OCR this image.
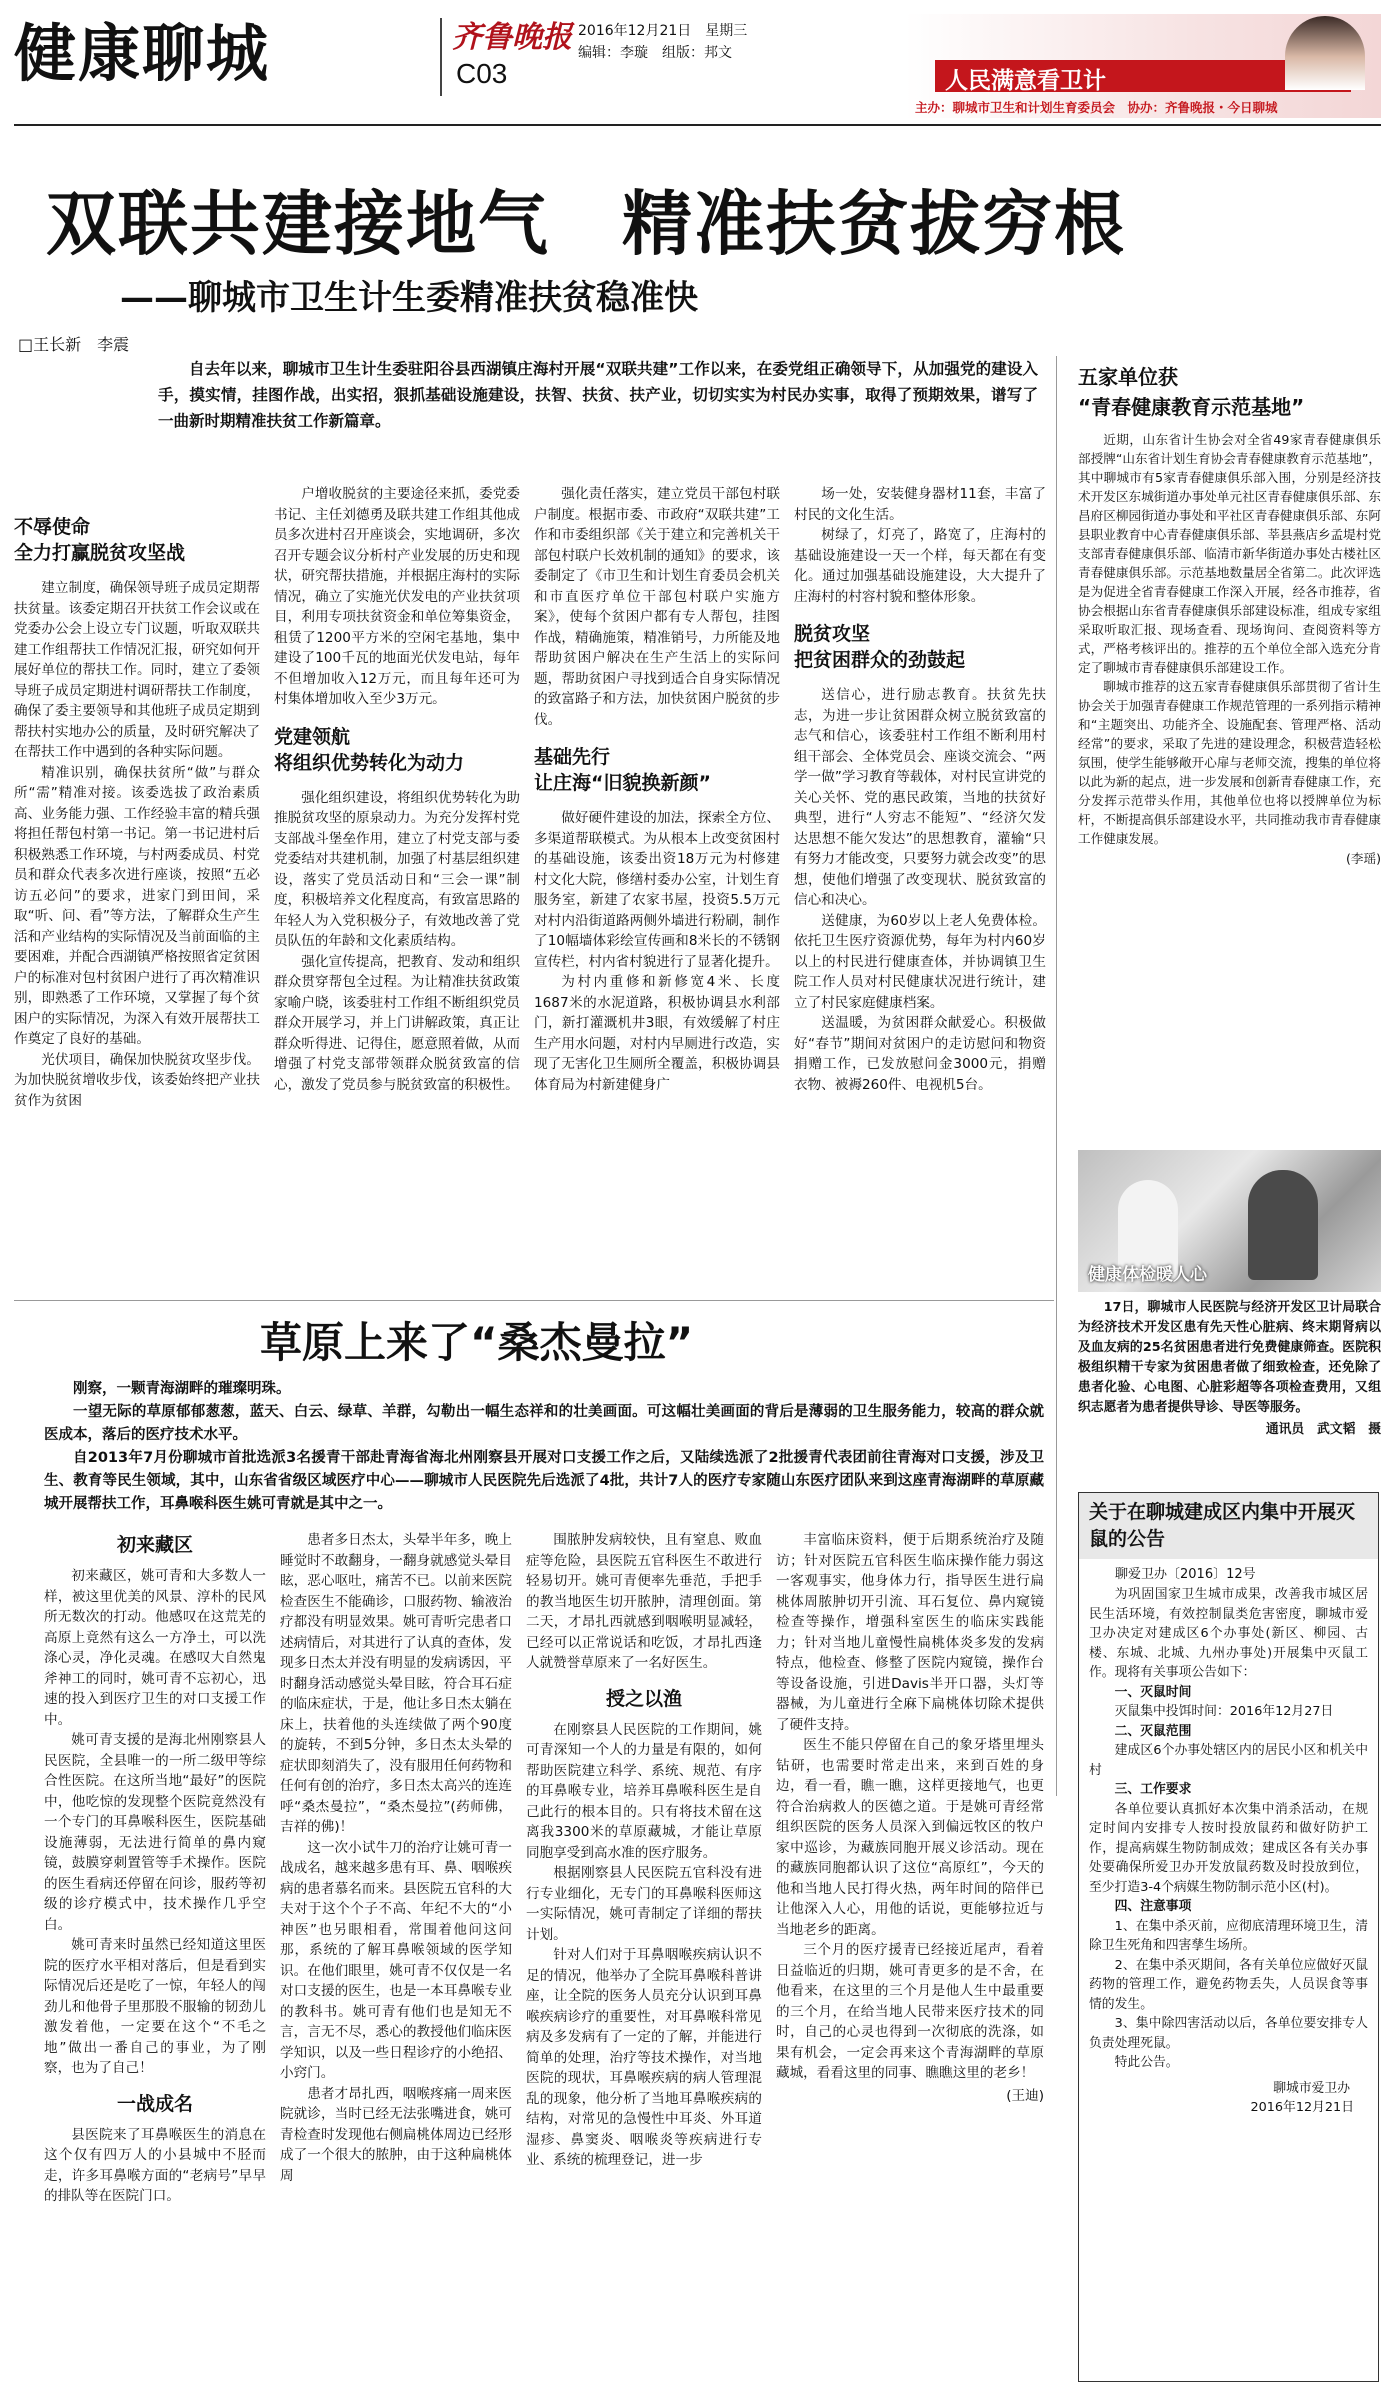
健康聊城	齐鲁晚报
C03
2016年12月21日　星期三
编辑：李璇　组版：邦文
人民满意看卫计
主办：聊城市卫生和计划生育委员会　协办：齐鲁晚报・今日聊城
双联共建接地气　精准扶贫拔穷根
——聊城市卫生计生委精准扶贫稳准快
□王长新　李震

自去年以来，聊城市卫生计生委驻阳谷县西湖镇庄海村开展“双联共建”工作以来，在委党组正确领导下，从加强党的建设入手，摸实情，挂图作战，出实招，狠抓基础设施建设，扶智、扶贫、扶产业，切切实实为村民办实事，取得了预期效果，谱写了一曲新时期精准扶贫工作新篇章。

不辱使命
全力打赢脱贫攻坚战

建立制度，确保领导班子成员定期帮扶贫量。该委定期召开扶贫工作会议或在党委办公会上设立专门议题，听取双联共建工作组帮扶工作情况汇报，研究如何开展好单位的帮扶工作。同时，建立了委领导班子成员定期进村调研帮扶工作制度，确保了委主要领导和其他班子成员定期到帮扶村实地办公的质量，及时研究解决了在帮扶工作中遇到的各种实际问题。

精准识别，确保扶贫所“做”与群众所“需”精准对接。该委选拔了政治素质高、业务能力强、工作经验丰富的精兵强将担任帮包村第一书记。第一书记进村后积极熟悉工作环境，与村两委成员、村党员和群众代表多次进行座谈，按照“五必访五必问”的要求，进家门到田间，采取“听、问、看”等方法，了解群众生产生活和产业结构的实际情况及当前面临的主要困难，并配合西湖镇严格按照省定贫困户的标准对包村贫困户进行了再次精准识别，即熟悉了工作环境，又掌握了每个贫困户的实际情况，为深入有效开展帮扶工作奠定了良好的基础。

光伏项目，确保加快脱贫攻坚步伐。为加快脱贫增收步伐，该委始终把产业扶贫作为贫困

户增收脱贫的主要途径来抓，委党委书记、主任刘德勇及联共建工作组其他成员多次进村召开座谈会，实地调研，多次召开专题会议分析村产业发展的历史和现状，研究帮扶措施，并根据庄海村的实际情况，确立了实施光伏发电的产业扶贫项目，利用专项扶贫资金和单位筹集资金，租赁了1200平方米的空闲宅基地，集中建设了100千瓦的地面光伏发电站，每年不但增加收入12万元，而且每年还可为村集体增加收入至少3万元。

党建领航
将组织优势转化为动力

强化组织建设，将组织优势转化为助推脱贫攻坚的原泉动力。为充分发挥村党支部战斗堡垒作用，建立了村党支部与委党委结对共建机制，加强了村基层组织建设，落实了党员活动日和“三会一课”制度，积极培养文化程度高，有致富思路的年轻人为入党积极分子，有效地改善了党员队伍的年龄和文化素质结构。

强化宣传提高，把教育、发动和组织群众贯穿帮包全过程。为让精准扶贫政策家喻户晓，该委驻村工作组不断组织党员群众开展学习，并上门讲解政策，真正让群众听得进、记得住，愿意照着做，从而增强了村党支部带领群众脱贫致富的信心，激发了党员参与脱贫致富的积极性。

强化责任落实，建立党员干部包村联户制度。根据市委、市政府“双联共建”工作和市委组织部《关于建立和完善机关干部包村联户长效机制的通知》的要求，该委制定了《市卫生和计划生育委员会机关和市直医疗单位干部包村联户实施方案》，使每个贫困户都有专人帮包，挂图作战，精确施策，精准销号，力所能及地帮助贫困户解决在生产生活上的实际问题，帮助贫困户寻找到适合自身实际情况的致富路子和方法，加快贫困户脱贫的步伐。

基础先行
让庄海“旧貌换新颜”

做好硬件建设的加法，探索全方位、多渠道帮联模式。为从根本上改变贫困村的基础设施，该委出资18万元为村修建村文化大院，修缮村委办公室，计划生育服务室，新建了农家书屋，投资5.5万元对村内沿街道路两侧外墙进行粉刷，制作了10幅墙体彩绘宣传画和8米长的不锈钢宣传栏，村内省村貌进行了显著化提升。

为村内重修和新修宽4米、长度1687米的水泥道路，积极协调县水利部门，新打灌溉机井3眼，有效缓解了村庄生产用水问题，对村内早厕进行改造，实现了无害化卫生厕所全覆盖，积极协调县体育局为村新建健身广

场一处，安装健身器材11套，丰富了村民的文化生活。

树绿了，灯亮了，路宽了，庄海村的基础设施建设一天一个样，每天都在有变化。通过加强基础设施建设，大大提升了庄海村的村容村貌和整体形象。

脱贫攻坚
把贫困群众的劲鼓起

送信心，进行励志教育。扶贫先扶志，为进一步让贫困群众树立脱贫致富的志气和信心，该委驻村工作组不断利用村组干部会、全体党员会、座谈交流会、“两学一做”学习教育等载体，对村民宣讲党的关心关怀、党的惠民政策，当地的扶贫好典型，进行“人穷志不能短”、“经济欠发达思想不能欠发达”的思想教育，灌输“只有努力才能改变，只要努力就会改变”的思想，使他们增强了改变现状、脱贫致富的信心和决心。

送健康，为60岁以上老人免费体检。依托卫生医疗资源优势，每年为村内60岁以上的村民进行健康查体，并协调镇卫生院工作人员对村民健康状况进行统计，建立了村民家庭健康档案。

送温暖，为贫困群众献爱心。积极做好“春节”期间对贫困户的走访慰问和物资捐赠工作，已发放慰问金3000元，捐赠衣物、被褥260件、电视机5台。

五家单位获
“青春健康教育示范基地”

近期，山东省计生协会对全省49家青春健康俱乐部授牌“山东省计划生育协会青春健康教育示范基地”，其中聊城市有5家青春健康俱乐部入围，分别是经济技术开发区东城街道办事处单元社区青春健康俱乐部、东昌府区柳园街道办事处和平社区青春健康俱乐部、东阿县职业教育中心青春健康俱乐部、莘县燕店乡孟堤村党支部青春健康俱乐部、临清市新华街道办事处古楼社区青春健康俱乐部。示范基地数量居全省第二。此次评选是为促进全省青春健康工作深入开展，经各市推荐，省协会根据山东省青春健康俱乐部建设标准，组成专家组采取听取汇报、现场查看、现场询问、查阅资料等方式，严格考核评出的。推荐的五个单位全部入选充分肯定了聊城市青春健康俱乐部建设工作。

聊城市推荐的这五家青春健康俱乐部贯彻了省计生协会关于加强青春健康工作规范管理的一系列指示精神和“主题突出、功能齐全、设施配套、管理严格、活动经常”的要求，采取了先进的建设理念，积极营造轻松氛围，使学生能够敞开心扉与老师交流，搜集的单位将以此为新的起点，进一步发展和创新青春健康工作，充分发挥示范带头作用，其他单位也将以授牌单位为标杆，不断提高俱乐部建设水平，共同推动我市青春健康工作健康发展。

(李瑶)
健康体检暖人心

17日，聊城市人民医院与经济开发区卫计局联合为经济技术开发区患有先天性心脏病、终末期肾病以及血友病的25名贫困患者进行免费健康筛查。医院积极组织精干专家为贫困患者做了细致检查，还免除了患者化验、心电图、心脏彩超等各项检查费用，又组织志愿者为患者提供导诊、导医等服务。

通讯员　武文韬　摄
草原上来了“桑杰曼拉”

刚察，一颗青海湖畔的璀璨明珠。

一望无际的草原郁郁葱葱，蓝天、白云、绿草、羊群，勾勒出一幅生态祥和的壮美画面。可这幅壮美画面的背后是薄弱的卫生服务能力，较高的群众就医成本，落后的医疗技术水平。

自2013年7月份聊城市首批选派3名援青干部赴青海省海北州刚察县开展对口支援工作之后，又陆续选派了2批援青代表团前往青海对口支援，涉及卫生、教育等民生领域，其中，山东省省级区域医疗中心——聊城市人民医院先后选派了4批，共计7人的医疗专家随山东医疗团队来到这座青海湖畔的草原藏城开展帮扶工作，耳鼻喉科医生姚可青就是其中之一。

初来藏区

初来藏区，姚可青和大多数人一样，被这里优美的风景、淳朴的民风所无数次的打动。他感叹在这荒芜的高原上竟然有这么一方净土，可以洗涤心灵，净化灵魂。在感叹大自然鬼斧神工的同时，姚可青不忘初心，迅速的投入到医疗卫生的对口支援工作中。

姚可青支援的是海北州刚察县人民医院，全县唯一的一所二级甲等综合性医院。在这所当地“最好”的医院中，他吃惊的发现整个医院竟然没有一个专门的耳鼻喉科医生，医院基础设施薄弱，无法进行简单的鼻内窥镜，鼓膜穿刺置管等手术操作。医院的医生看病还停留在问诊，服药等初级的诊疗模式中，技术操作几乎空白。

姚可青来时虽然已经知道这里医院的医疗水平相对落后，但是看到实际情况后还是吃了一惊，年轻人的闯劲儿和他骨子里那股不服输的韧劲儿激发着他，一定要在这个“不毛之地”做出一番自己的事业，为了刚察，也为了自己！

一战成名

县医院来了耳鼻喉医生的消息在这个仅有四万人的小县城中不胫而走，许多耳鼻喉方面的“老病号”早早的排队等在医院门口。

患者多日杰太，头晕半年多，晚上睡觉时不敢翻身，一翻身就感觉头晕目眩，恶心呕吐，痛苦不已。以前来医院检查医生不能确诊，口服药物、输液治疗都没有明显效果。姚可青听完患者口述病情后，对其进行了认真的查体，发现多日杰太并没有明显的发病诱因，平时翻身活动感觉头晕目眩，符合耳石症的临床症状，于是，他让多日杰太躺在床上，扶着他的头连续做了两个90度的旋转，不到5分钟，多日杰太头晕的症状即刻消失了，没有服用任何药物和任何有创的治疗，多日杰太高兴的连连呼“桑杰曼拉”，“桑杰曼拉”(药师佛，吉祥的佛)！

这一次小试牛刀的治疗让姚可青一战成名，越来越多患有耳、鼻、咽喉疾病的患者慕名而来。县医院五官科的大夫对于这个个子不高、年纪不大的“小神医”也另眼相看，常围着他问这问那，系统的了解耳鼻喉领域的医学知识。在他们眼里，姚可青不仅仅是一名对口支援的医生，也是一本耳鼻喉专业的教科书。姚可青有他们也是知无不言，言无不尽，悉心的教授他们临床医学知识，以及一些日程诊疗的小绝招、小窍门。

患者才昂扎西，咽喉疼痛一周来医院就诊，当时已经无法张嘴进食，姚可青检查时发现他右侧扁桃体周边已经形成了一个很大的脓肿，由于这种扁桃体周

围脓肿发病较快，且有窒息、败血症等危险，县医院五官科医生不敢进行轻易切开。姚可青便率先垂范，手把手的教当地医生切开脓肿，清理创面。第二天，才昂扎西就感到咽喉明显减轻，已经可以正常说话和吃饭，才昂扎西逢人就赞誉草原来了一名好医生。

授之以渔

在刚察县人民医院的工作期间，姚可青深知一个人的力量是有限的，如何帮助医院建立科学、系统、规范、有序的耳鼻喉专业，培养耳鼻喉科医生是自己此行的根本目的。只有将技术留在这离我3300米的草原藏城，才能让草原同胞享受到高水准的医疗服务。

根据刚察县人民医院五官科没有进行专业细化，无专门的耳鼻喉科医师这一实际情况，姚可青制定了详细的帮扶计划。

针对人们对于耳鼻咽喉疾病认识不足的情况，他举办了全院耳鼻喉科普讲座，让全院的医务人员充分认识到耳鼻喉疾病诊疗的重要性，对耳鼻喉科常见病及多发病有了一定的了解，并能进行简单的处理，治疗等技术操作，对当地医院的现状，耳鼻喉疾病的病人管理混乱的现象，他分析了当地耳鼻喉疾病的结构，对常见的急慢性中耳炎、外耳道湿疹、鼻窦炎、咽喉炎等疾病进行专业、系统的梳理登记，进一步

丰富临床资料，便于后期系统治疗及随访；针对医院五官科医生临床操作能力弱这一客观事实，他身体力行，指导医生进行扁桃体周脓肿切开引流、耳石复位、鼻内窥镜检查等操作，增强科室医生的临床实践能力；针对当地儿童慢性扁桃体炎多发的发病特点，他检查、修整了医院内窥镜，操作台等设备设施，引进Davis半开口器，头灯等器械，为儿童进行全麻下扁桃体切除术提供了硬件支持。

医生不能只停留在自己的象牙塔里埋头钻研，也需要时常走出来，来到百姓的身边，看一看，瞧一瞧，这样更接地气，也更符合治病救人的医德之道。于是姚可青经常组织医院的医务人员深入到偏远牧区的牧户家中巡诊，为藏族同胞开展义诊活动。现在的藏族同胞都认识了这位“高原红”，今天的他和当地人民打得火热，两年时间的陪伴已让他深入人心，用他的话说，更能够拉近与当地老乡的距离。

三个月的医疗援青已经接近尾声，看着日益临近的归期，姚可青更多的是不舍，在他看来，在这里的三个月是他人生中最重要的三个月，在给当地人民带来医疗技术的同时，自己的心灵也得到一次彻底的洗涤，如果有机会，一定会再来这个青海湖畔的草原藏城，看看这里的同事、瞧瞧这里的老乡！

(王迪)
关于在聊城建成区内集中开展灭鼠的公告
聊爱卫办〔2016〕12号

为巩固国家卫生城市成果，改善我市城区居民生活环境，有效控制鼠类危害密度，聊城市爱卫办决定对建成区6个办事处(新区、柳园、古楼、东城、北城、九州办事处)开展集中灭鼠工作。现将有关事项公告如下：

一、灭鼠时间

灭鼠集中投饵时间：2016年12月27日

二、灭鼠范围

建成区6个办事处辖区内的居民小区和机关中村

三、工作要求

各单位要认真抓好本次集中消杀活动，在规定时间内安排专人按时投放鼠药和做好防护工作，提高病媒生物防制成效；建成区各有关办事处要确保所爱卫办开发放鼠药数及时投放到位，至少打造3-4个病媒生物防制示范小区(村)。

四、注意事项

1、在集中杀灭前，应彻底清理环境卫生，清除卫生死角和四害孳生场所。

2、在集中杀灭期间，各有关单位应做好灭鼠药物的管理工作，避免药物丢失，人员误食等事情的发生。

3、集中除四害活动以后，各单位要安排专人负责处理死鼠。

特此公告。

聊城市爱卫办
2016年12月21日
